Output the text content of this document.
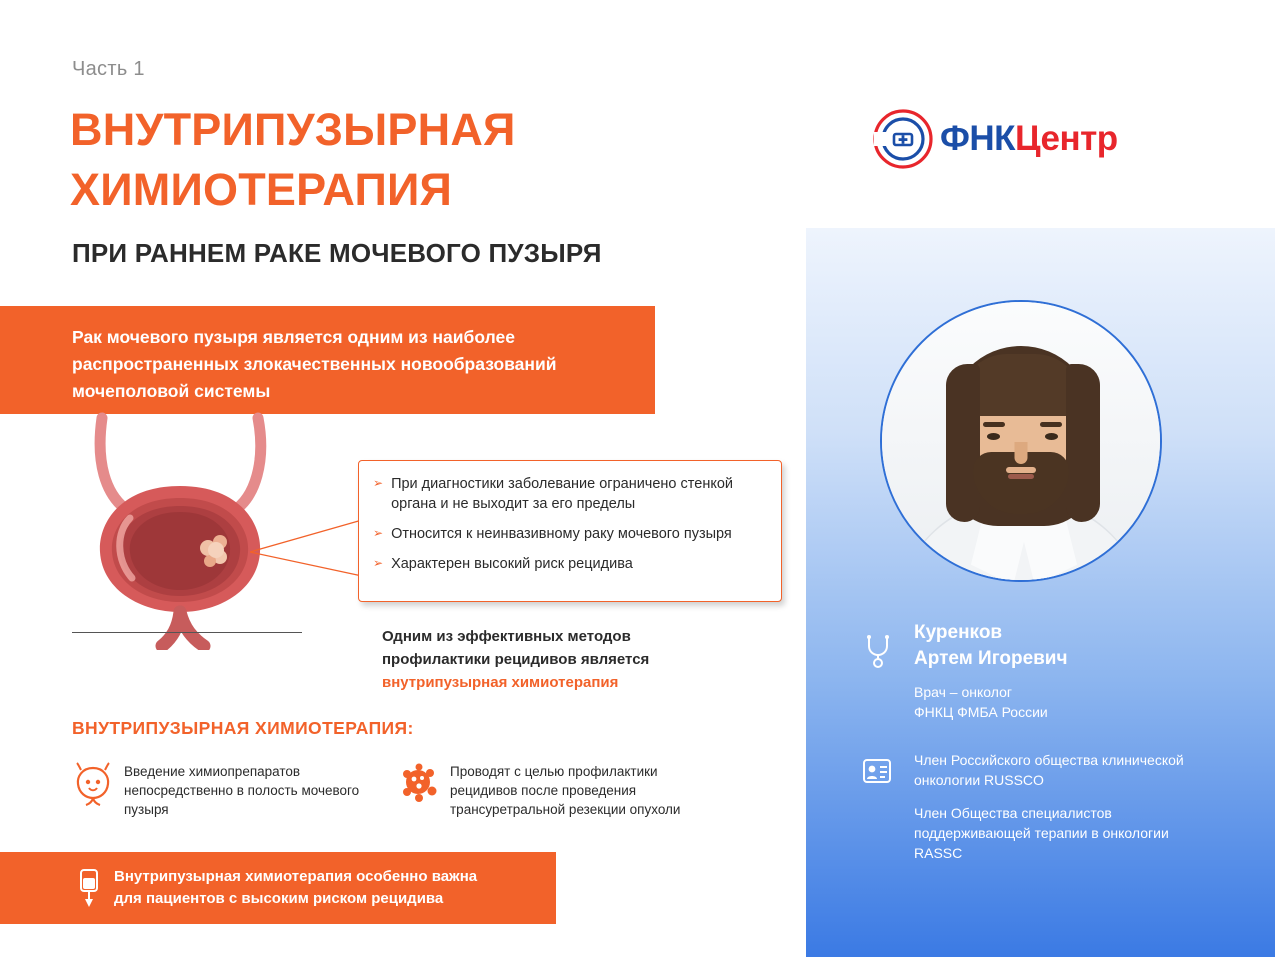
ФНКЦентр
Часть 1
ВНУТРИПУЗЫРНАЯ
ХИМИОТЕРАПИЯ
ПРИ РАННЕМ РАКЕ МОЧЕВОГО ПУЗЫРЯ
Рак мочевого пузыря является одним из наиболее распространенных злокачественных новообразований мочеполовой системы
➢ При диагностики заболевание ограничено стенкой органа и не выходит за его пределы
➢ Относится к неинвазивному раку мочевого пузыря
➢ Характерен высокий риск рецидива
Одним из эффективных методов
профилактики рецидивов является
внутрипузырная химиотерапия
ВНУТРИПУЗЫРНАЯ ХИМИОТЕРАПИЯ:
Введение химиопрепаратов непосредственно в полость мочевого пузыря
Проводят с целью профилактики рецидивов после проведения трансуретральной резекции опухоли
Внутрипузырная химиотерапия особенно важна
для пациентов с высоким риском рецидива
Куренков
Артем Игоревич
Врач – онколог
ФНКЦ ФМБА России
Член Российского общества клинической онкологии RUSSCO
Член Общества специалистов поддерживающей терапии в онкологии RASSC
